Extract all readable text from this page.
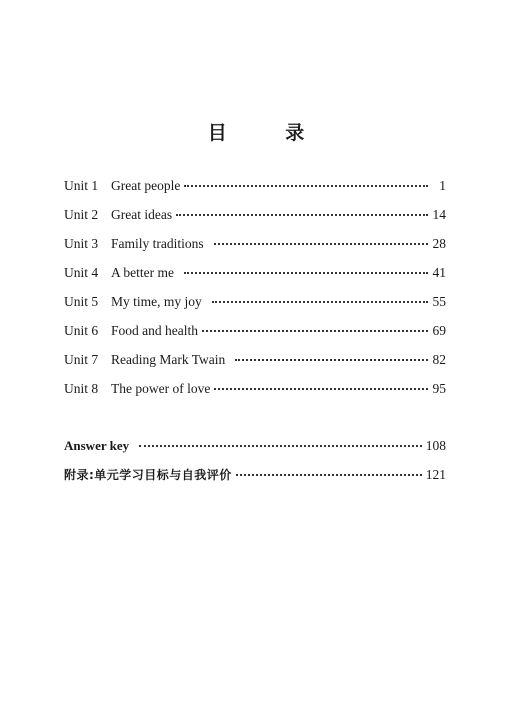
目 录
Unit 1 Great people	1
Unit 2 Great ideas	14
Unit 3 Family traditions	28
Unit 4 A better me	41
Unit 5 My time, my joy	55
Unit 6 Food and health	69
Unit 7 Reading Mark Twain	82
Unit 8 The power of love	95
Answer key	108
附录:单元学习目标与自我评价	121
